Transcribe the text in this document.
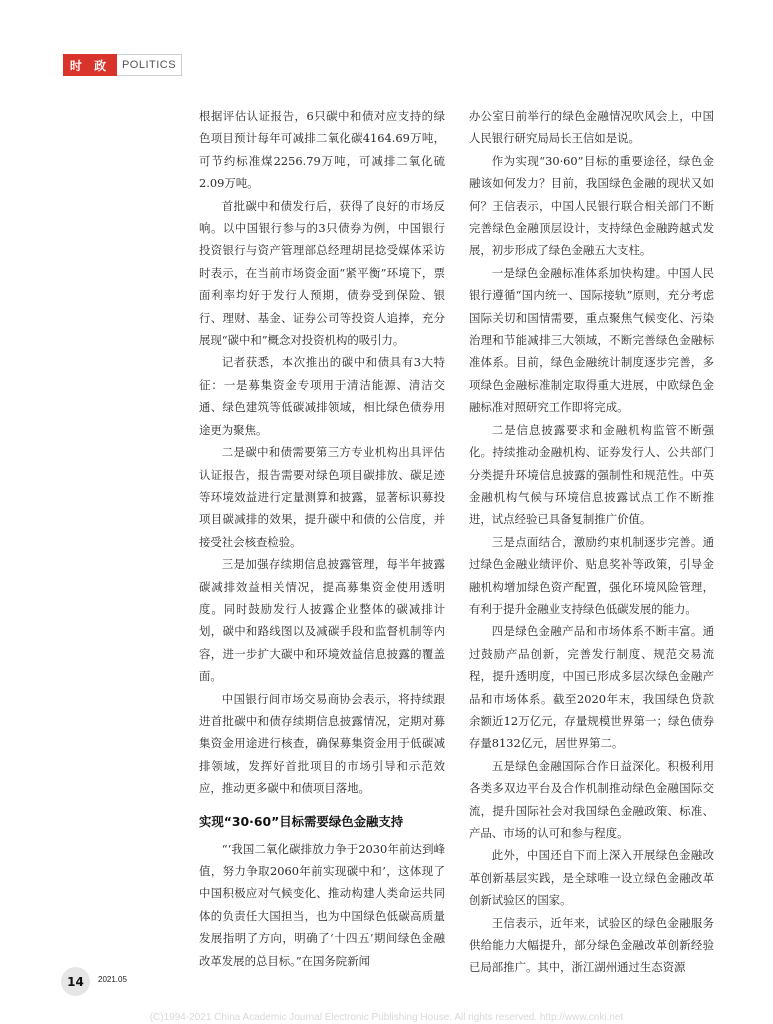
时 政	POLITICS

根据评估认证报告，6只碳中和债对应支持的绿色项目预计每年可减排二氧化碳4164.69万吨，可节约标准煤2256.79万吨，可减排二氧化硫2.09万吨。

首批碳中和债发行后，获得了良好的市场反响。以中国银行参与的3只债券为例，中国银行投资银行与资产管理部总经理胡昆捻受媒体采访时表示，在当前市场资金面“紧平衡”环境下，票面利率均好于发行人预期，债券受到保险、银行、理财、基金、证券公司等投资人追捧，充分展现“碳中和”概念对投资机构的吸引力。

记者获悉，本次推出的碳中和债具有3大特征：一是募集资金专项用于清洁能源、清洁交通、绿色建筑等低碳减排领域，相比绿色债券用途更为聚焦。

二是碳中和债需要第三方专业机构出具评估认证报告，报告需要对绿色项目碳排放、碳足迹等环境效益进行定量测算和披露，显著标识募投项目碳减排的效果，提升碳中和债的公信度，并接受社会核查检验。

三是加强存续期信息披露管理，每半年披露碳减排效益相关情况，提高募集资金使用透明度。同时鼓励发行人披露企业整体的碳减排计划，碳中和路线图以及减碳手段和监督机制等内容，进一步扩大碳中和环境效益信息披露的覆盖面。

中国银行间市场交易商协会表示，将持续跟进首批碳中和债存续期信息披露情况，定期对募集资金用途进行核查，确保募集资金用于低碳减排领域，发挥好首批项目的市场引导和示范效应，推动更多碳中和债项目落地。

实现“30·60”目标需要绿色金融支持

“‘我国二氧化碳排放力争于2030年前达到峰值，努力争取2060年前实现碳中和’，这体现了中国积极应对气候变化、推动构建人类命运共同体的负责任大国担当，也为中国绿色低碳高质量发展指明了方向，明确了‘十四五’期间绿色金融改革发展的总目标。”在国务院新闻

办公室日前举行的绿色金融情况吹风会上，中国人民银行研究局局长王信如是说。

作为实现“30·60”目标的重要途径，绿色金融该如何发力？目前，我国绿色金融的现状又如何？王信表示，中国人民银行联合相关部门不断完善绿色金融顶层设计，支持绿色金融跨越式发展，初步形成了绿色金融五大支柱。

一是绿色金融标准体系加快构建。中国人民银行遵循“国内统一、国际接轨”原则，充分考虑国际关切和国情需要，重点聚焦气候变化、污染治理和节能减排三大领域，不断完善绿色金融标准体系。目前，绿色金融统计制度逐步完善，多项绿色金融标准制定取得重大进展，中欧绿色金融标准对照研究工作即将完成。

二是信息披露要求和金融机构监管不断强化。持续推动金融机构、证券发行人、公共部门分类提升环境信息披露的强制性和规范性。中英金融机构气候与环境信息披露试点工作不断推进，试点经验已具备复制推广价值。

三是点面结合，激励约束机制逐步完善。通过绿色金融业绩评价、贴息奖补等政策，引导金融机构增加绿色资产配置，强化环境风险管理，有利于提升金融业支持绿色低碳发展的能力。

四是绿色金融产品和市场体系不断丰富。通过鼓励产品创新，完善发行制度、规范交易流程，提升透明度，中国已形成多层次绿色金融产品和市场体系。截至2020年末，我国绿色贷款余额近12万亿元，存量规模世界第一；绿色债券存量8132亿元，居世界第二。

五是绿色金融国际合作日益深化。积极利用各类多双边平台及合作机制推动绿色金融国际交流，提升国际社会对我国绿色金融政策、标准、产品、市场的认可和参与程度。

此外，中国还自下而上深入开展绿色金融改革创新基层实践，是全球唯一设立绿色金融改革创新试验区的国家。

王信表示，近年来，试验区的绿色金融服务供给能力大幅提升，部分绿色金融改革创新经验已局部推广。其中，浙江湖州通过生态资源

14	2021.05
(C)1994-2021 China Academic Journal Electronic Publishing House. All rights reserved. http://www.cnki.net
